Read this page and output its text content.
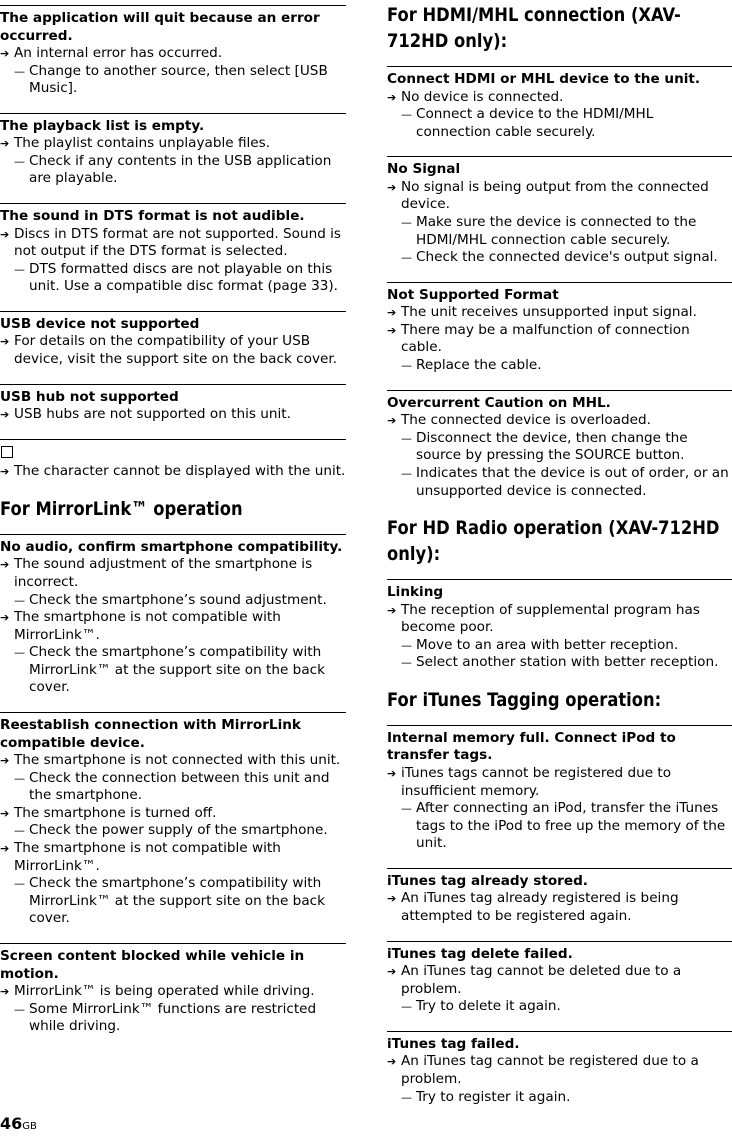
The application will quit because an error occurred.
➔ An internal error has occurred.
— Change to another source, then select [USB Music].
The playback list is empty.
➔ The playlist contains unplayable files.
— Check if any contents in the USB application are playable.
The sound in DTS format is not audible.
➔ Discs in DTS format are not supported. Sound is not output if the DTS format is selected.
— DTS formatted discs are not playable on this unit. Use a compatible disc format (page 33).
USB device not supported
➔ For details on the compatibility of your USB device, visit the support site on the back cover.
USB hub not supported
➔ USB hubs are not supported on this unit.
➔ The character cannot be displayed with the unit.
For MirrorLink™ operation
No audio, confirm smartphone compatibility.
➔ The sound adjustment of the smartphone is incorrect.
— Check the smartphone’s sound adjustment.
➔ The smartphone is not compatible with MirrorLink™.
— Check the smartphone’s compatibility with MirrorLink™ at the support site on the back cover.
Reestablish connection with MirrorLink compatible device.
➔ The smartphone is not connected with this unit.
— Check the connection between this unit and the smartphone.
➔ The smartphone is turned off.
— Check the power supply of the smartphone.
➔ The smartphone is not compatible with MirrorLink™.
— Check the smartphone’s compatibility with MirrorLink™ at the support site on the back cover.
Screen content blocked while vehicle in motion.
➔ MirrorLink™ is being operated while driving.
— Some MirrorLink™ functions are restricted while driving.
For HDMI/MHL connection (XAV-712HD only):
Connect HDMI or MHL device to the unit.
➔ No device is connected.
— Connect a device to the HDMI/MHL connection cable securely.
No Signal
➔ No signal is being output from the connected device.
— Make sure the device is connected to the HDMI/MHL connection cable securely.
— Check the connected device's output signal.
Not Supported Format
➔ The unit receives unsupported input signal.
➔ There may be a malfunction of connection cable.
— Replace the cable.
Overcurrent Caution on MHL.
➔ The connected device is overloaded.
— Disconnect the device, then change the source by pressing the SOURCE button.
— Indicates that the device is out of order, or an unsupported device is connected.
For HD Radio operation (XAV-712HD only):
Linking
➔ The reception of supplemental program has become poor.
— Move to an area with better reception.
— Select another station with better reception.
For iTunes Tagging operation:
Internal memory full. Connect iPod to transfer tags.
➔ iTunes tags cannot be registered due to insufficient memory.
— After connecting an iPod, transfer the iTunes tags to the iPod to free up the memory of the unit.
iTunes tag already stored.
➔ An iTunes tag already registered is being attempted to be registered again.
iTunes tag delete failed.
➔ An iTunes tag cannot be deleted due to a problem.
— Try to delete it again.
iTunes tag failed.
➔ An iTunes tag cannot be registered due to a problem.
— Try to register it again.
46GB
